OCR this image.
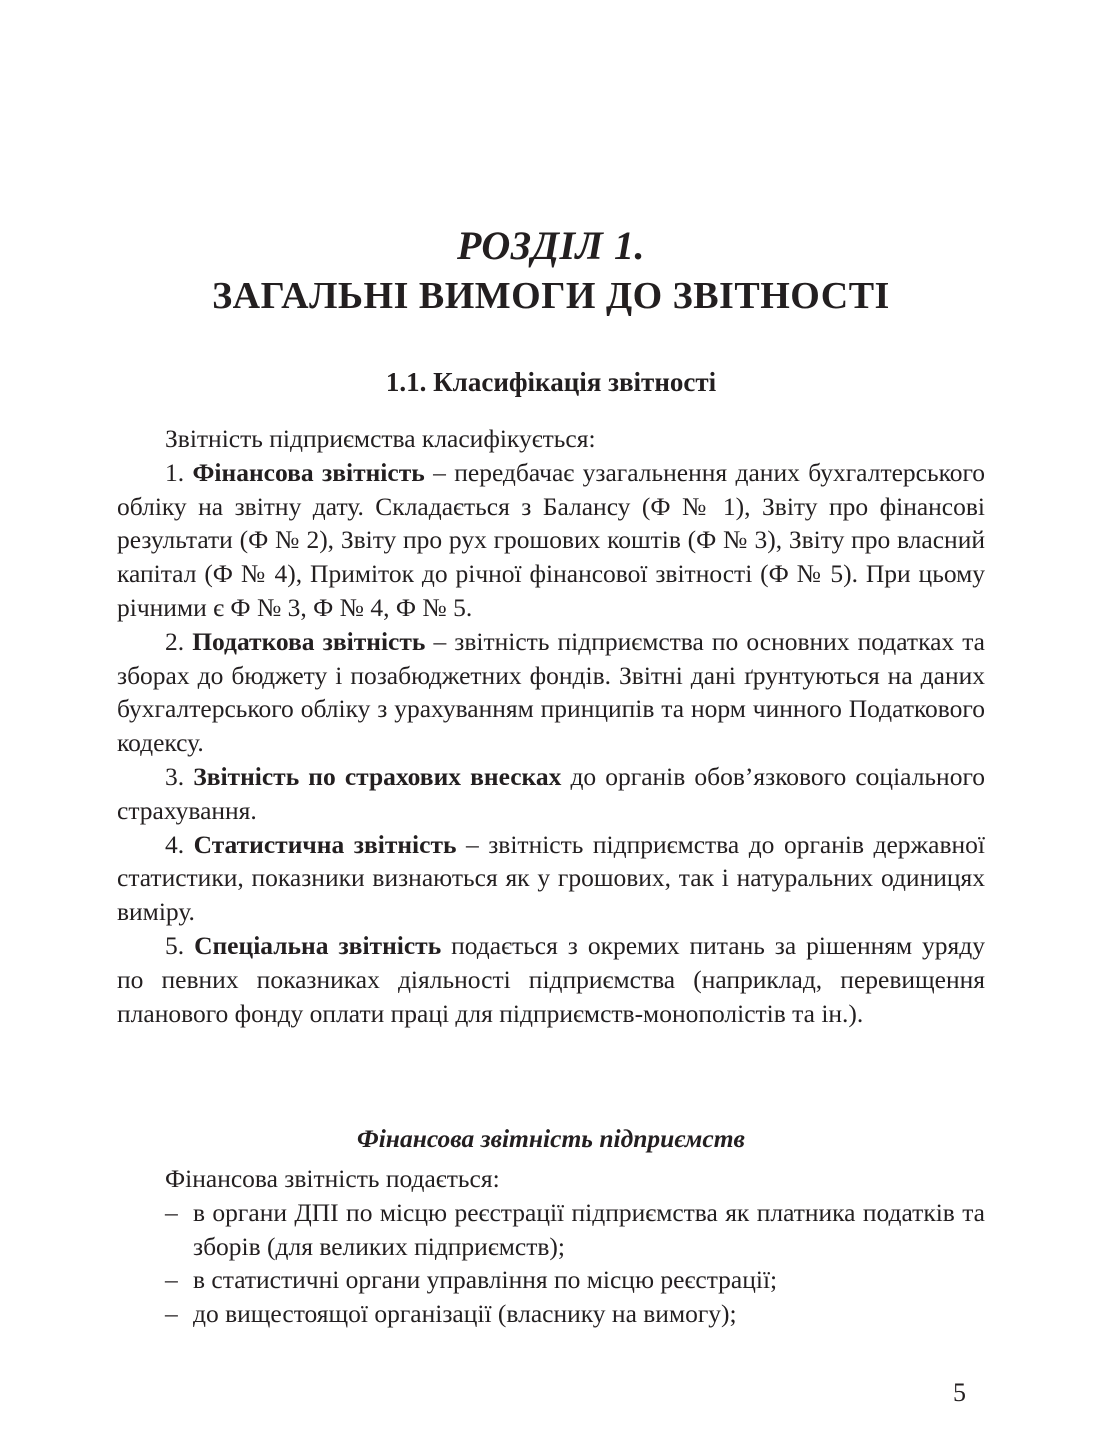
РОЗДІЛ 1.
ЗАГАЛЬНІ ВИМОГИ ДО ЗВІТНОСТІ
1.1. Класифікація звітності

Звітність підприємства класифікується:

1. Фінансова звітність – передбачає узагальнення даних бухгалтерського обліку на звітну дату. Складається з Балансу (Ф № 1), Звіту про фінансові результати (Ф № 2), Звіту про рух грошових коштів (Ф № 3), Звіту про власний капітал (Ф № 4), Приміток до річної фінансової звітності (Ф № 5). При цьому річними є Ф № 3, Ф № 4, Ф № 5.

2. Податкова звітність – звітність підприємства по основних податках та зборах до бюджету і позабюджетних фондів. Звітні дані ґрунтуються на даних бухгалтерського обліку з урахуванням принципів та норм чинного Податкового кодексу.

3. Звітність по страхових внесках до органів обов’язкового соціального страхування.

4. Статистична звітність – звітність підприємства до органів державної статистики, показники визнаються як у грошових, так і натуральних одиницях виміру.

5. Спеціальна звітність подається з окремих питань за рішенням уряду по певних показниках діяльності підприємства (наприклад, перевищення планового фонду оплати праці для підприємств-монополістів та ін.).

Фінансова звітність підприємств

Фінансова звітність подається:

– в органи ДПІ по місцю реєстрації підприємства як платника податків та зборів (для великих підприємств);
– в статистичні органи управління по місцю реєстрації;
– до вищестоящої організації (власнику на вимогу);
5
